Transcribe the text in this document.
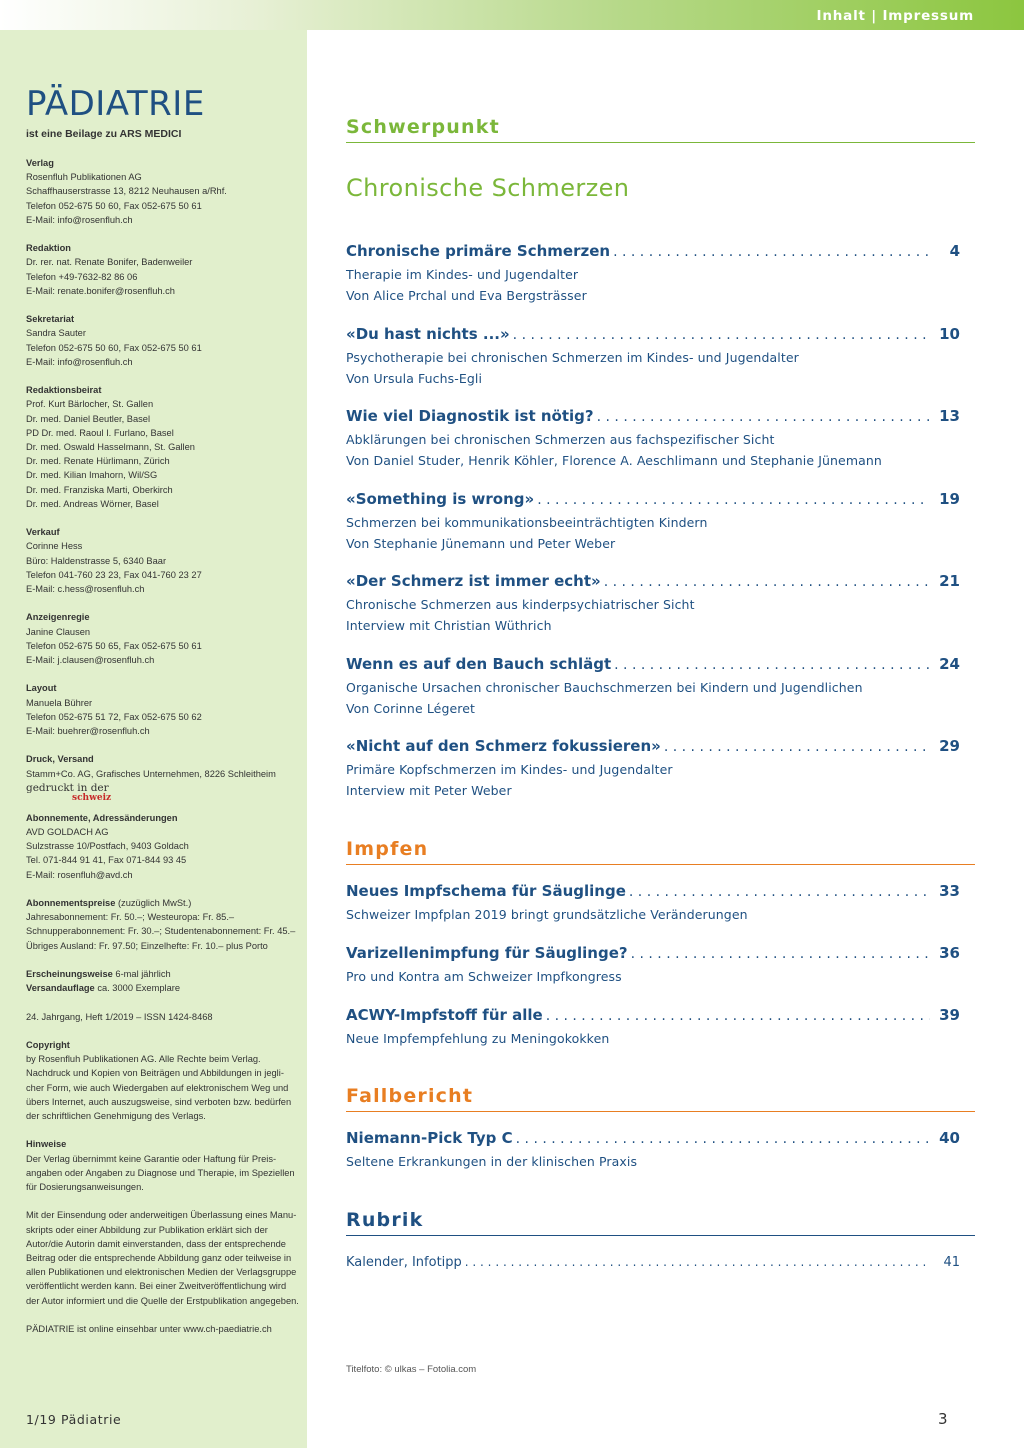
Inhalt | Impressum
PÄDIATRIE
ist eine Beilage zu ARS MEDICI
Verlag
Rosenfluh Publikationen AG
Schaffhauserstrasse 13, 8212 Neuhausen a/Rhf.
Telefon 052-675 50 60, Fax 052-675 50 61
E-Mail: info@rosenfluh.ch
Redaktion
Dr. rer. nat. Renate Bonifer, Badenweiler
Telefon +49-7632-82 86 06
E-Mail: renate.bonifer@rosenfluh.ch
Sekretariat
Sandra Sauter
Telefon 052-675 50 60, Fax 052-675 50 61
E-Mail: info@rosenfluh.ch
Redaktionsbeirat
Prof. Kurt Bärlocher, St. Gallen
Dr. med. Daniel Beutler, Basel
PD Dr. med. Raoul I. Furlano, Basel
Dr. med. Oswald Hasselmann, St. Gallen
Dr. med. Renate Hürlimann, Zürich
Dr. med. Kilian Imahorn, Wil/SG
Dr. med. Franziska Marti, Oberkirch
Dr. med. Andreas Wörner, Basel
Verkauf
Corinne Hess
Büro: Haldenstrasse 5, 6340 Baar
Telefon 041-760 23 23, Fax 041-760 23 27
E-Mail: c.hess@rosenfluh.ch
Anzeigenregie
Janine Clausen
Telefon 052-675 50 65, Fax 052-675 50 61
E-Mail: j.clausen@rosenfluh.ch
Layout
Manuela Bührer
Telefon 052-675 51 72, Fax 052-675 50 62
E-Mail: buehrer@rosenfluh.ch
Druck, Versand
Stamm+Co. AG, Grafisches Unternehmen, 8226 Schleitheim
gedruckt in der
schweiz
Abonnemente, Adressänderungen
AVD GOLDACH AG
Sulzstrasse 10/Postfach, 9403 Goldach
Tel. 071-844 91 41, Fax 071-844 93 45
E-Mail: rosenfluh@avd.ch
Abonnementspreise (zuzüglich MwSt.)
Jahresabonnement: Fr. 50.–; Westeuropa: Fr. 85.–
Schnupperabonnement: Fr. 30.–; Studentenabonnement: Fr. 45.–
Übriges Ausland: Fr. 97.50; Einzelhefte: Fr. 10.– plus Porto
Erscheinungsweise 6-mal jährlich
Versandauflage ca. 3000 Exemplare
24. Jahrgang, Heft 1/2019 – ISSN 1424-8468
Copyright
by Rosenfluh Publikationen AG. Alle Rechte beim Verlag.
Nachdruck und Kopien von Beiträgen und Abbildungen in jegli-
cher Form, wie auch Wiedergaben auf elektronischem Weg und
übers Internet, auch auszugsweise, sind verboten bzw. bedürfen
der schriftlichen Genehmigung des Verlags.
Hinweise
Der Verlag übernimmt keine Garantie oder Haftung für Preis-
angaben oder Angaben zu Diagnose und Therapie, im Speziellen
für Dosierungsanweisungen.
Mit der Einsendung oder anderweitigen Überlassung eines Manu-
skripts oder einer Abbildung zur Publikation erklärt sich der
Autor/die Autorin damit einverstanden, dass der entsprechende
Beitrag oder die entsprechende Abbildung ganz oder teilweise in
allen Publikationen und elektronischen Medien der Verlagsgruppe
veröffentlicht werden kann. Bei einer Zweitveröffentlichung wird
der Autor informiert und die Quelle der Erstpublikation angegeben.
PÄDIATRIE ist online einsehbar unter www.ch-paediatrie.ch
1/19 Pädiatrie	3
Schwerpunkt
Chronische Schmerzen
Chronische primäre Schmerzen . . .	4
Therapie im Kindes- und Jugendalter
Von Alice Prchal und Eva Bergsträsser
«Du hast nichts ...» . . .	10
Psychotherapie bei chronischen Schmerzen im Kindes- und Jugendalter
Von Ursula Fuchs-Egli
Wie viel Diagnostik ist nötig? . . .	13
Abklärungen bei chronischen Schmerzen aus fachspezifischer Sicht
Von Daniel Studer, Henrik Köhler, Florence A. Aeschlimann und Stephanie Jünemann
«Something is wrong» . . .	19
Schmerzen bei kommunikationsbeeinträchtigten Kindern
Von Stephanie Jünemann und Peter Weber
«Der Schmerz ist immer echt» . . .	21
Chronische Schmerzen aus kinderpsychiatrischer Sicht
Interview mit Christian Wüthrich
Wenn es auf den Bauch schlägt . . .	24
Organische Ursachen chronischer Bauchschmerzen bei Kindern und Jugendlichen
Von Corinne Légeret
«Nicht auf den Schmerz fokussieren» . . .	29
Primäre Kopfschmerzen im Kindes- und Jugendalter
Interview mit Peter Weber
Impfen
Neues Impfschema für Säuglinge . . .	33
Schweizer Impfplan 2019 bringt grundsätzliche Veränderungen
Varizellenimpfung für Säuglinge? . . .	36
Pro und Kontra am Schweizer Impfkongress
ACWY-Impfstoff für alle . . .	39
Neue Impfempfehlung zu Meningokokken
Fallbericht
Niemann-Pick Typ C . . .	40
Seltene Erkrankungen in der klinischen Praxis
Rubrik
Kalender, Infotipp . . .	41
Titelfoto: © ulkas – Fotolia.com
